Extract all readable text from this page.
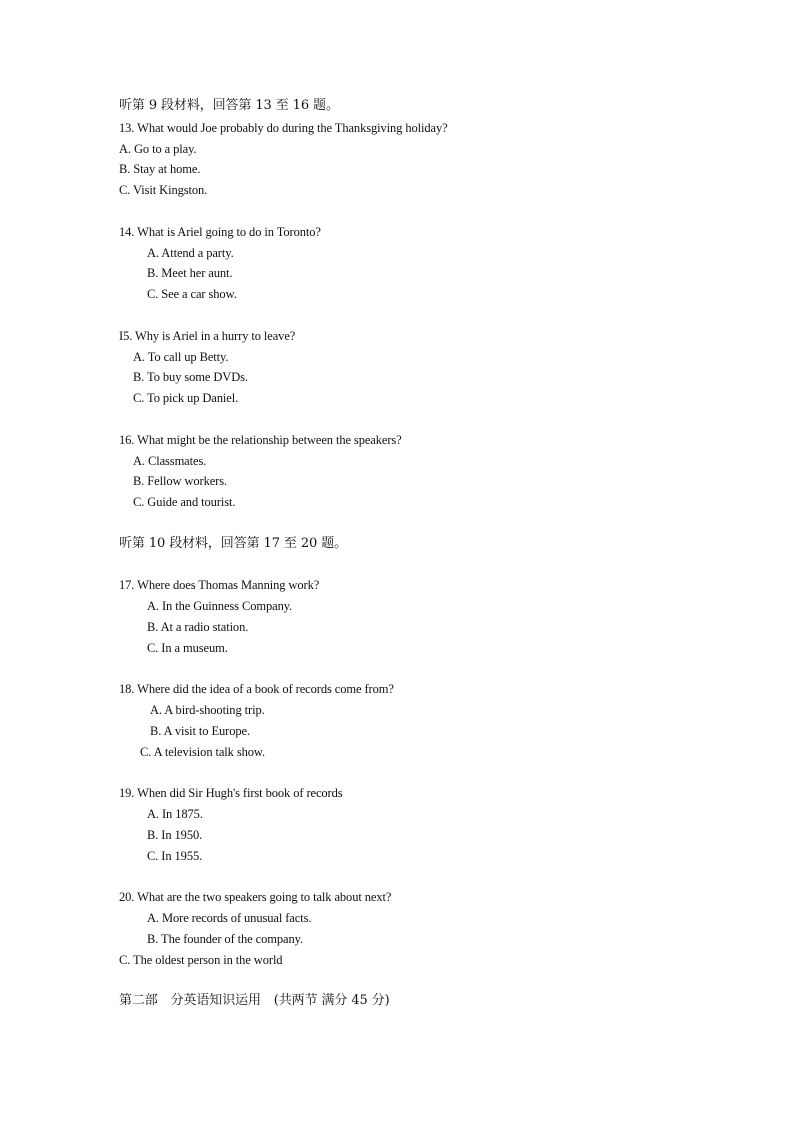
听第 9 段材料，回答第 13 至 16 题。
13. What would Joe probably do during the Thanksgiving holiday?
A. Go to a play.
B. Stay at home.
C. Visit Kingston.
14. What is Ariel going to do in Toronto?
A. Attend a party.
B. Meet her aunt.
C. See a car show.
I5. Why is Ariel in a hurry to leave?
A. To call up Betty.
B. To buy some DVDs.
C. To pick up Daniel.
16. What might be the relationship between the speakers?
A. Classmates.
B. Fellow workers.
C. Guide and tourist.
听第 10 段材料，回答第 17 至 20 题。
17. Where does Thomas Manning work?
A. In the Guinness Company.
B. At a radio station.
C. In a museum.
18. Where did the idea of a book of records come from?
A. A bird-shooting trip.
B. A visit to Europe.
C. A television talk show.
19. When did Sir Hugh's first book of records
A. In 1875.
B. In 1950.
C. In 1955.
20. What are the two speakers going to talk about next?
A. More records of unusual facts.
B. The founder of the company.
C. The oldest person in the world
第二部　分英语知识运用　(共两节 满分 45 分)
